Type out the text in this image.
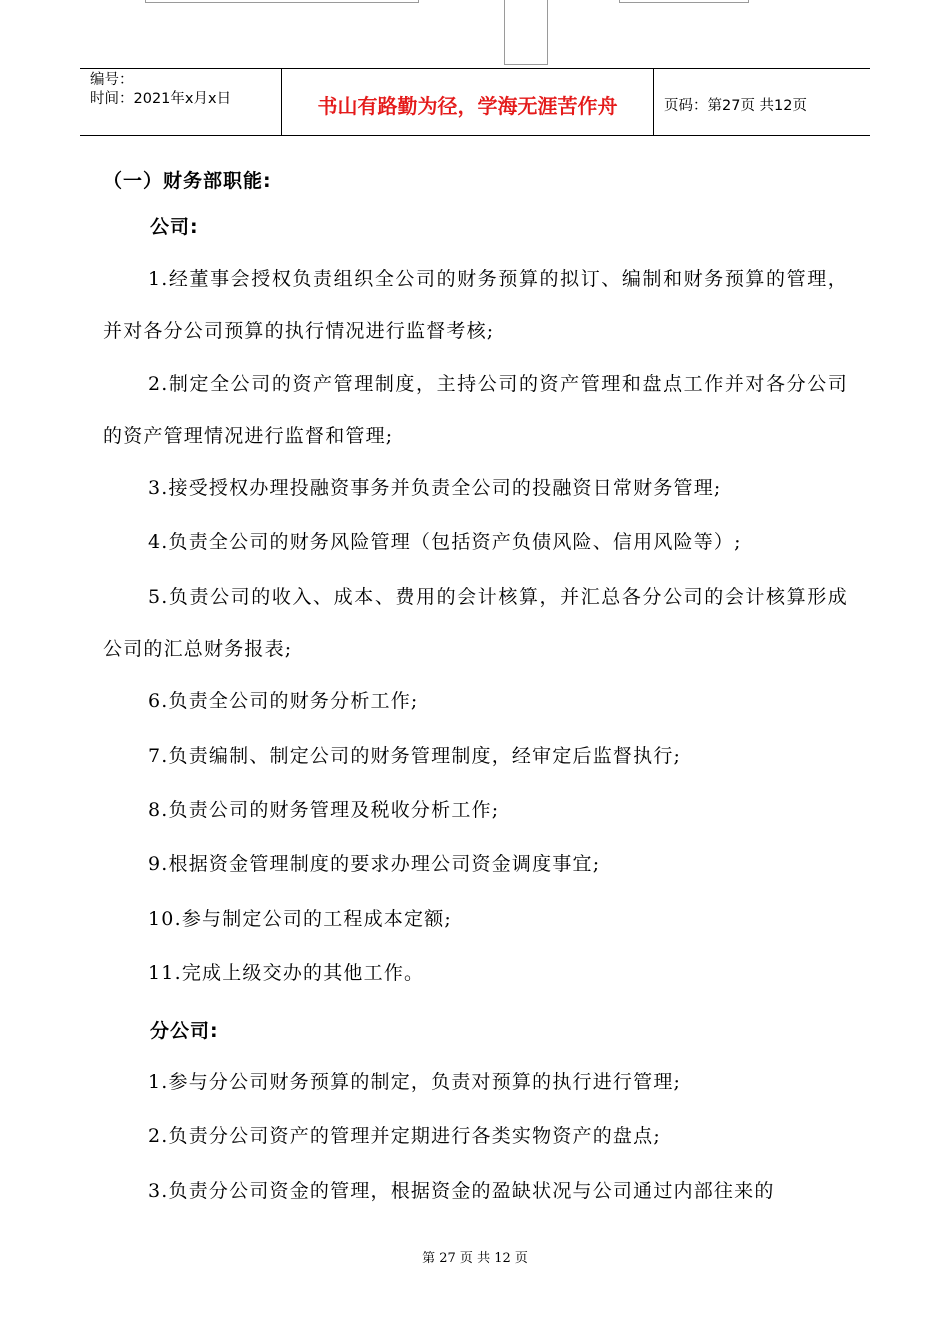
编号：
时间：2021年x月x日	书山有路勤为径，学海无涯苦作舟	页码：第27页 共12页
（一）财务部职能:
公司:

1.经董事会授权负责组织全公司的财务预算的拟订、编制和财务预算的管理，并对各分公司预算的执行情况进行监督考核;

2.制定全公司的资产管理制度，主持公司的资产管理和盘点工作并对各分公司的资产管理情况进行监督和管理;

3.接受授权办理投融资事务并负责全公司的投融资日常财务管理;

4.负责全公司的财务风险管理（包括资产负债风险、信用风险等）;

5.负责公司的收入、成本、费用的会计核算，并汇总各分公司的会计核算形成公司的汇总财务报表;

6.负责全公司的财务分析工作;

7.负责编制、制定公司的财务管理制度，经审定后监督执行;

8.负责公司的财务管理及税收分析工作;

9.根据资金管理制度的要求办理公司资金调度事宜;

10.参与制定公司的工程成本定额;

11.完成上级交办的其他工作。

分公司:

1.参与分公司财务预算的制定，负责对预算的执行进行管理;

2.负责分公司资产的管理并定期进行各类实物资产的盘点;

3.负责分公司资金的管理，根据资金的盈缺状况与公司通过内部往来的

第 27 页 共 12 页
